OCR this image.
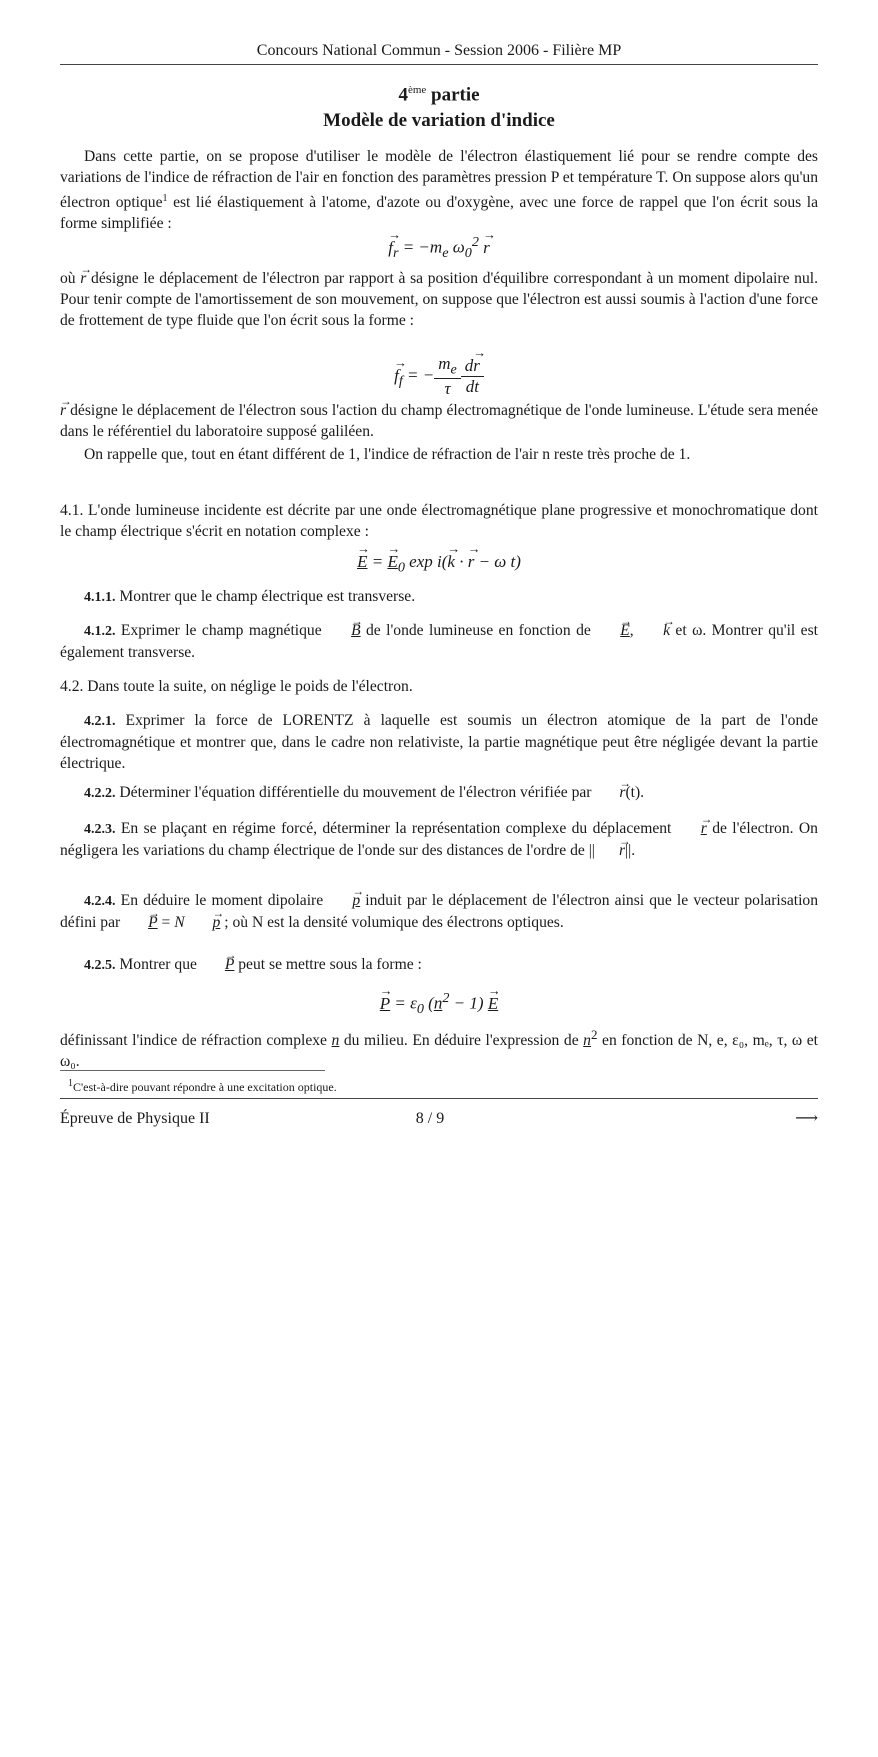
Concours National Commun - Session 2006 - Filière MP
4ème partie
Modèle de variation d'indice
Dans cette partie, on se propose d'utiliser le modèle de l'électron élastiquement lié pour se rendre compte des variations de l'indice de réfraction de l'air en fonction des paramètres pression P et température T. On suppose alors qu'un électron optique$^1$ est lié élastiquement à l'atome, d'azote ou d'oxygène, avec une force de rappel que l'on écrit sous la forme simplifiée :
→ $f_r = -m_e$ $\omega_0^2 \to r$
où → r désigne le déplacement de l'électron par rapport à sa position d'équilibre correspondant à un moment dipolaire nul. Pour tenir compte de l'amortissement de son mouvement, on suppose que l'électron est aussi soumis à l'action d'une force de frottement de type fluide que l'on écrit sous la forme :
→ $f_f$ = − $\frac{m_e}{\tau} \frac{d\to r}{dt}$
→ r désigne le déplacement de l'électron sous l'action du champ électromagnétique de l'onde lumineuse. L'étude sera menée dans le référentiel du laboratoire supposé galiléen.
On rappelle que, tout en étant différent de 1, l'indice de réfraction de l'air n reste très proche de 1.
4.1. L'onde lumineuse incidente est décrite par une onde électromagnétique plane progressive et monochromatique dont le champ électrique s'écrit en notation complexe :
→ E = → $E_0$ exp i(→ k · → r − ω t)
4.1.1. Montrer que le champ électrique est transverse.
4.1.2. Exprimer le champ magnétique → B de l'onde lumineuse en fonction de → E, → k et ω. Montrer qu'il est également transverse.
4.2. Dans toute la suite, on néglige le poids de l'électron.
4.2.1. Exprimer la force de LORENTZ à laquelle est soumis un électron atomique de la part de l'onde électromagnétique et montrer que, dans le cadre non relativiste, la partie magnétique peut être négligée devant la partie électrique.
4.2.2. Déterminer l'équation différentielle du mouvement de l'électron vérifiée par → r(t).
4.2.3. En se plaçant en régime forcé, déterminer la représentation complexe du déplacement → r de l'électron. On négligera les variations du champ électrique de l'onde sur des distances de l'ordre de || → r||.
4.2.4. En déduire le moment dipolaire → p induit par le déplacement de l'électron ainsi que le vecteur polarisation défini par → P = N → p ; où N est la densité volumique des électrons optiques.
4.2.5. Montrer que → P peut se mettre sous la forme :
→ $P = \varepsilon_0$ $(n^2 - 1) \to E$
définissant l'indice de réfraction complexe n du milieu. En déduire l'expression de $n^2$ en fonction de N, e, ε₀, mₑ, τ, ω et ω₀.
$^1$C'est-à-dire pouvant répondre à une excitation optique.
Épreuve de Physique II	8 / 9	⟶
